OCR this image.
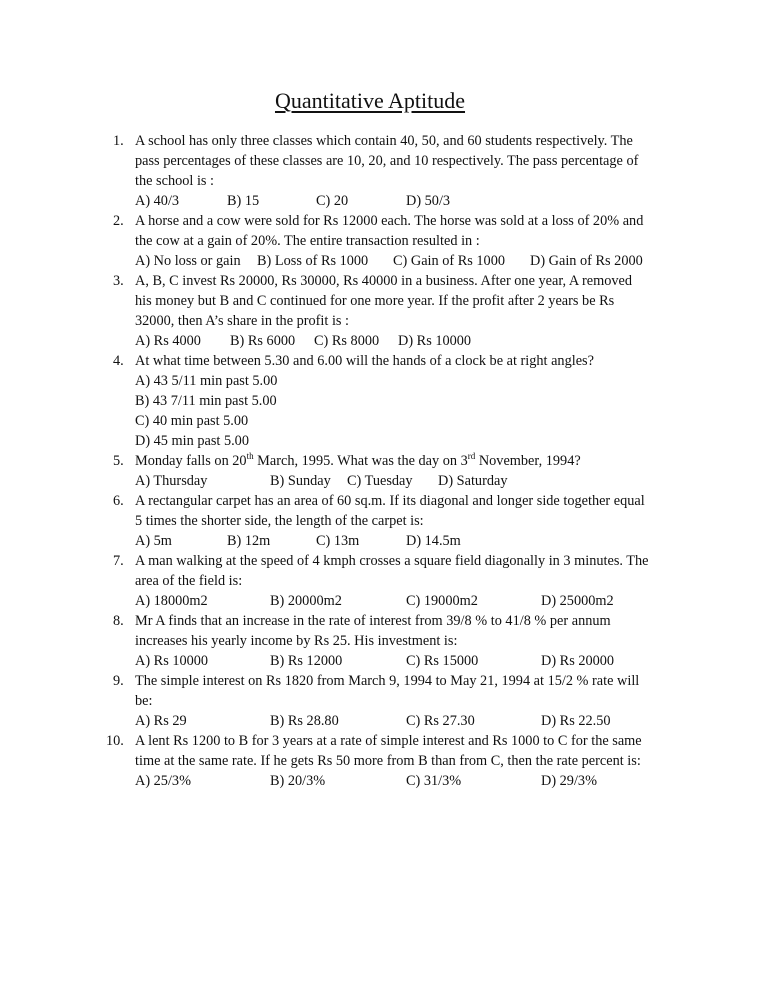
Quantitative Aptitude
1. A school has only three classes which contain 40, 50, and 60 students respectively. The
pass percentages of these classes are 10, 20, and 10 respectively. The pass percentage of
the school is :
A) 40/3	B) 15	C) 20	D) 50/3
2. A horse and a cow were sold for Rs 12000 each. The horse was sold at a loss of 20% and
the cow at a gain of 20%. The entire transaction resulted in :
A) No loss or gain B) Loss of Rs 1000 C) Gain of Rs 1000 D) Gain of Rs 2000
3. A, B, C invest Rs 20000, Rs 30000, Rs 40000 in a business. After one year, A removed
his money but B and C continued for one more year. If the profit after 2 years be Rs
32000, then A’s share in the profit is :
A) Rs 4000 B) Rs 6000 C) Rs 8000 D) Rs 10000
4. At what time between 5.30 and 6.00 will the hands of a clock be at right angles?
A) 43 5/11 min past 5.00
B) 43 7/11 min past 5.00
C) 40 min past 5.00
D) 45 min past 5.00
5. Monday falls on 20th March, 1995. What was the day on 3rd November, 1994?
A) Thursday	B) Sunday C) Tuesday D) Saturday
6. A rectangular carpet has an area of 60 sq.m. If its diagonal and longer side together equal
5 times the shorter side, the length of the carpet is:
A) 5m	B) 12m	C) 13m	D) 14.5m
7. A man walking at the speed of 4 kmph crosses a square field diagonally in 3 minutes. The
area of the field is:
A) 18000m2	B) 20000m2	C) 19000m2	D) 25000m2
8. Mr A finds that an increase in the rate of interest from 39/8 % to 41/8 % per annum
increases his yearly income by Rs 25. His investment is:
A) Rs 10000	B) Rs 12000	C) Rs 15000	D) Rs 20000
9. The simple interest on Rs 1820 from March 9, 1994 to May 21, 1994 at 15/2 % rate will
be:
A) Rs 29	B) Rs 28.80	C) Rs 27.30	D) Rs 22.50
10. A lent Rs 1200 to B for 3 years at a rate of simple interest and Rs 1000 to C for the same
time at the same rate. If he gets Rs 50 more from B than from C, then the rate percent is:
A) 25/3%	B) 20/3%	C) 31/3%	D) 29/3%
